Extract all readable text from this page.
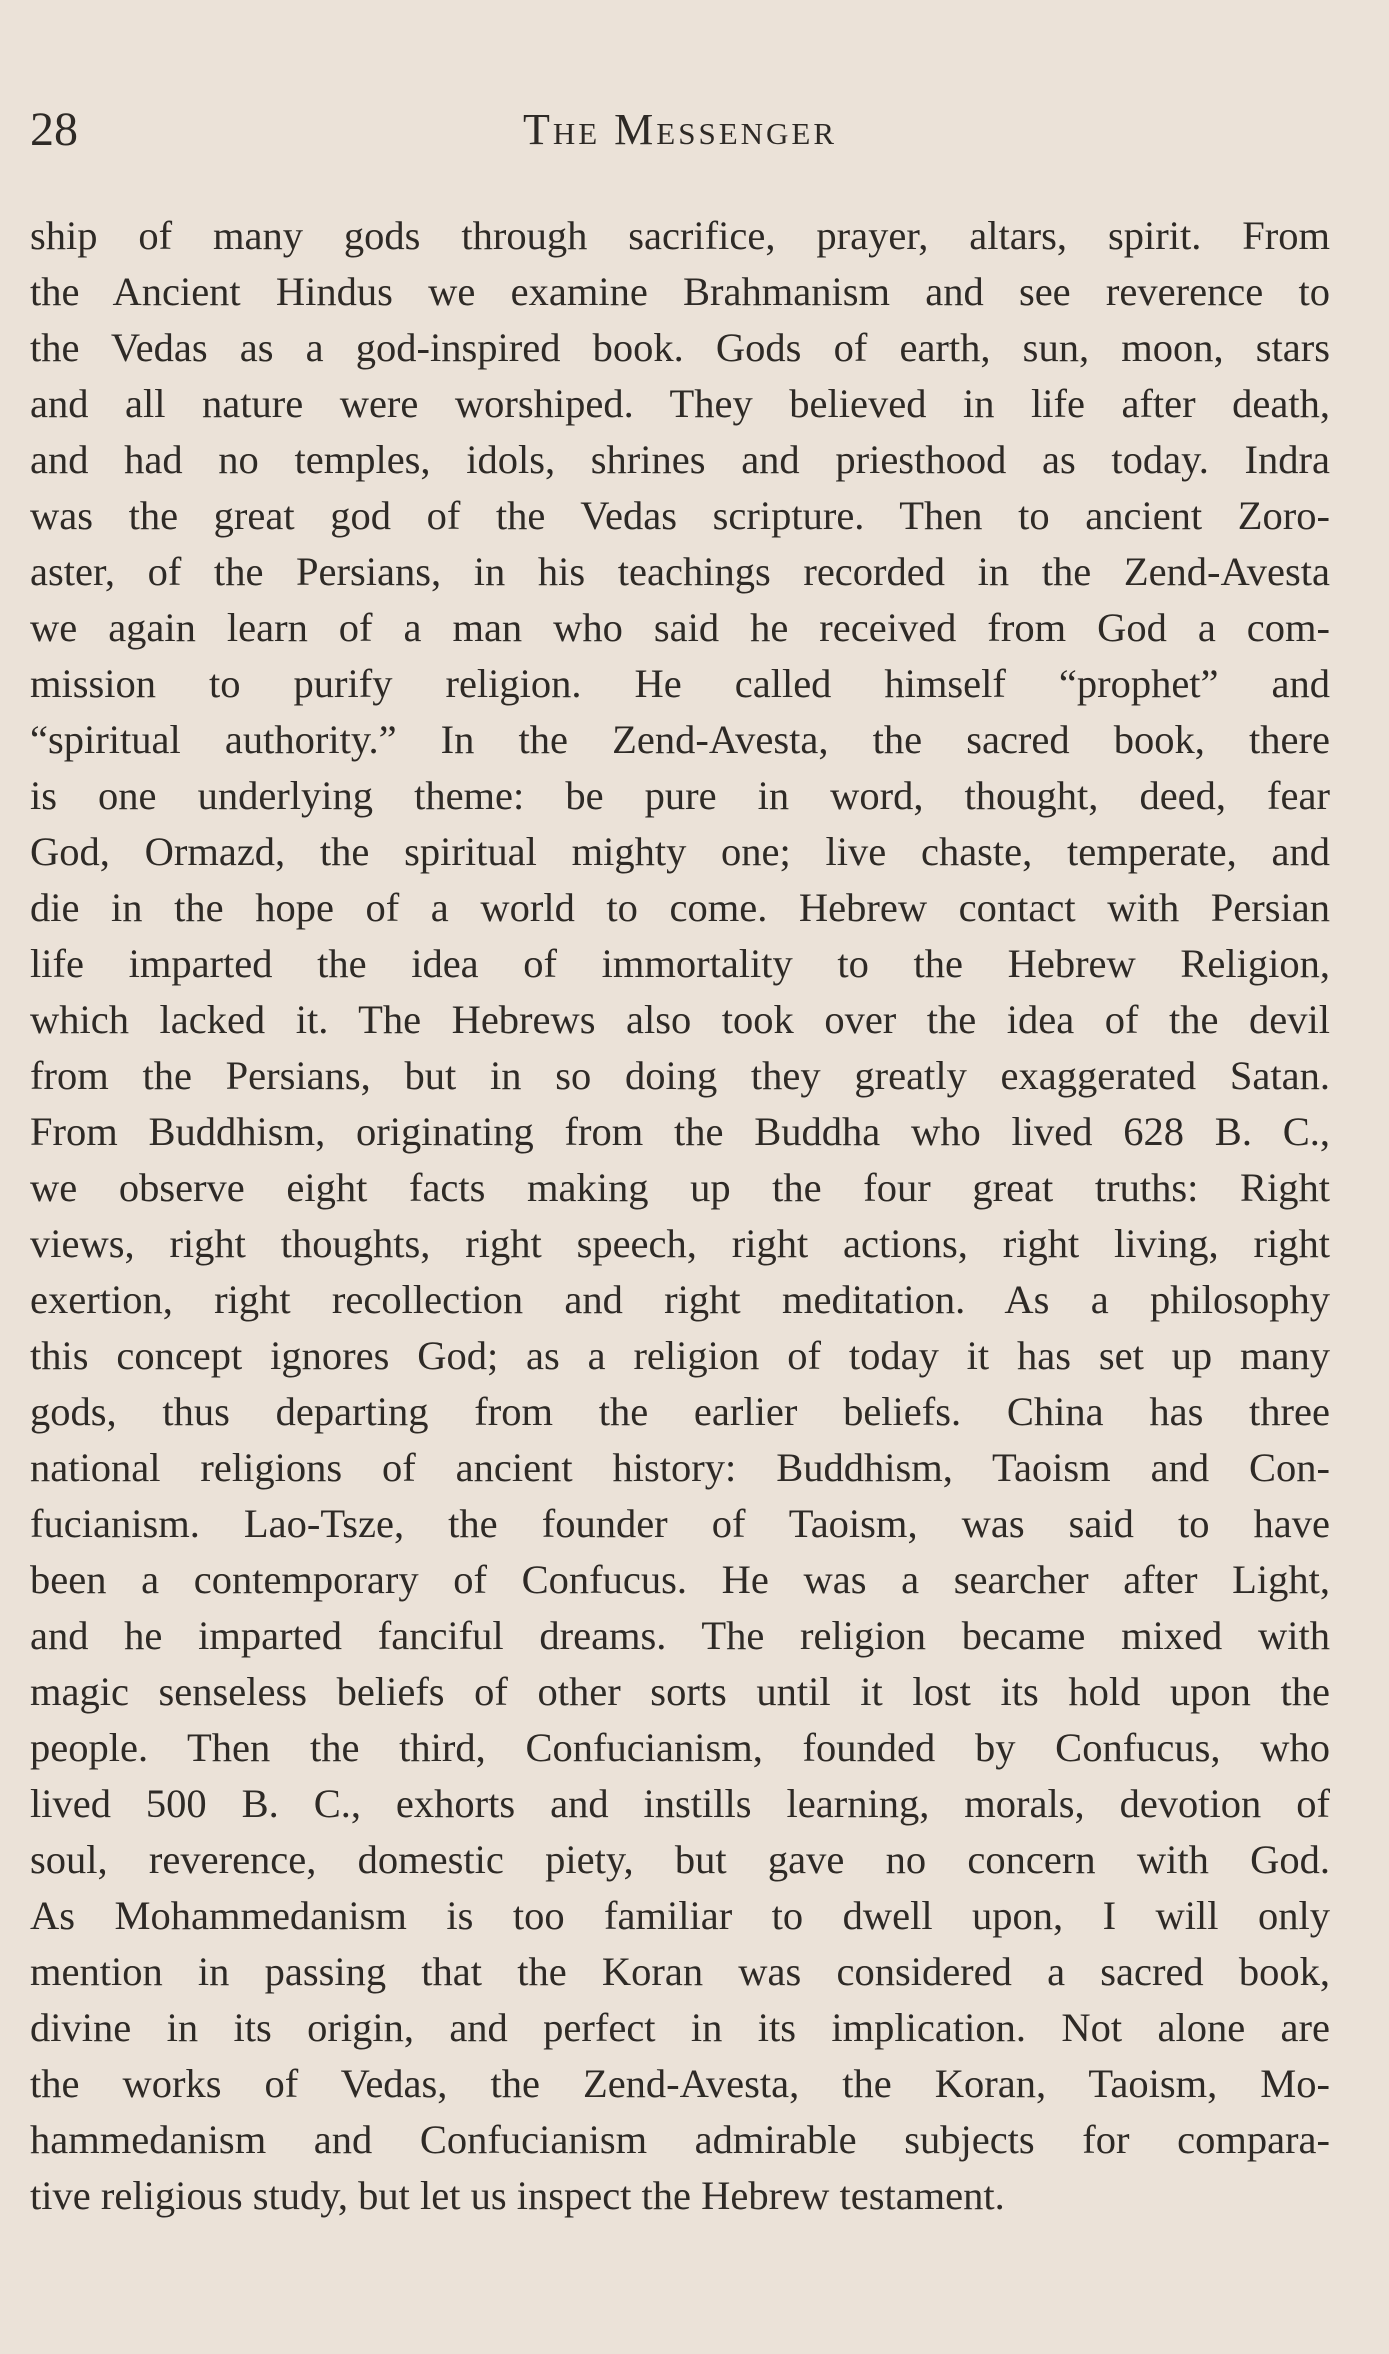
28	The Messenger
ship of many gods through sacrifice, prayer, altars, spirit. From
the Ancient Hindus we examine Brahmanism and see reverence to
the Vedas as a god-inspired book. Gods of earth, sun, moon, stars
and all nature were worshiped. They believed in life after death,
and had no temples, idols, shrines and priesthood as today. Indra
was the great god of the Vedas scripture. Then to ancient Zoro-
aster, of the Persians, in his teachings recorded in the Zend-Avesta
we again learn of a man who said he received from God a com-
mission to purify religion. He called himself “prophet” and
“spiritual authority.” In the Zend-Avesta, the sacred book, there
is one underlying theme: be pure in word, thought, deed, fear
God, Ormazd, the spiritual mighty one; live chaste, temperate, and
die in the hope of a world to come. Hebrew contact with Persian
life imparted the idea of immortality to the Hebrew Religion,
which lacked it. The Hebrews also took over the idea of the devil
from the Persians, but in so doing they greatly exaggerated Satan.
From Buddhism, originating from the Buddha who lived 628 B. C.,
we observe eight facts making up the four great truths: Right
views, right thoughts, right speech, right actions, right living, right
exertion, right recollection and right meditation. As a philosophy
this concept ignores God; as a religion of today it has set up many
gods, thus departing from the earlier beliefs. China has three
national religions of ancient history: Buddhism, Taoism and Con-
fucianism. Lao-Tsze, the founder of Taoism, was said to have
been a contemporary of Confucus. He was a searcher after Light,
and he imparted fanciful dreams. The religion became mixed with
magic senseless beliefs of other sorts until it lost its hold upon the
people. Then the third, Confucianism, founded by Confucus, who
lived 500 B. C., exhorts and instills learning, morals, devotion of
soul, reverence, domestic piety, but gave no concern with God.
As Mohammedanism is too familiar to dwell upon, I will only
mention in passing that the Koran was considered a sacred book,
divine in its origin, and perfect in its implication. Not alone are
the works of Vedas, the Zend-Avesta, the Koran, Taoism, Mo-
hammedanism and Confucianism admirable subjects for compara-
tive religious study, but let us inspect the Hebrew testament.
